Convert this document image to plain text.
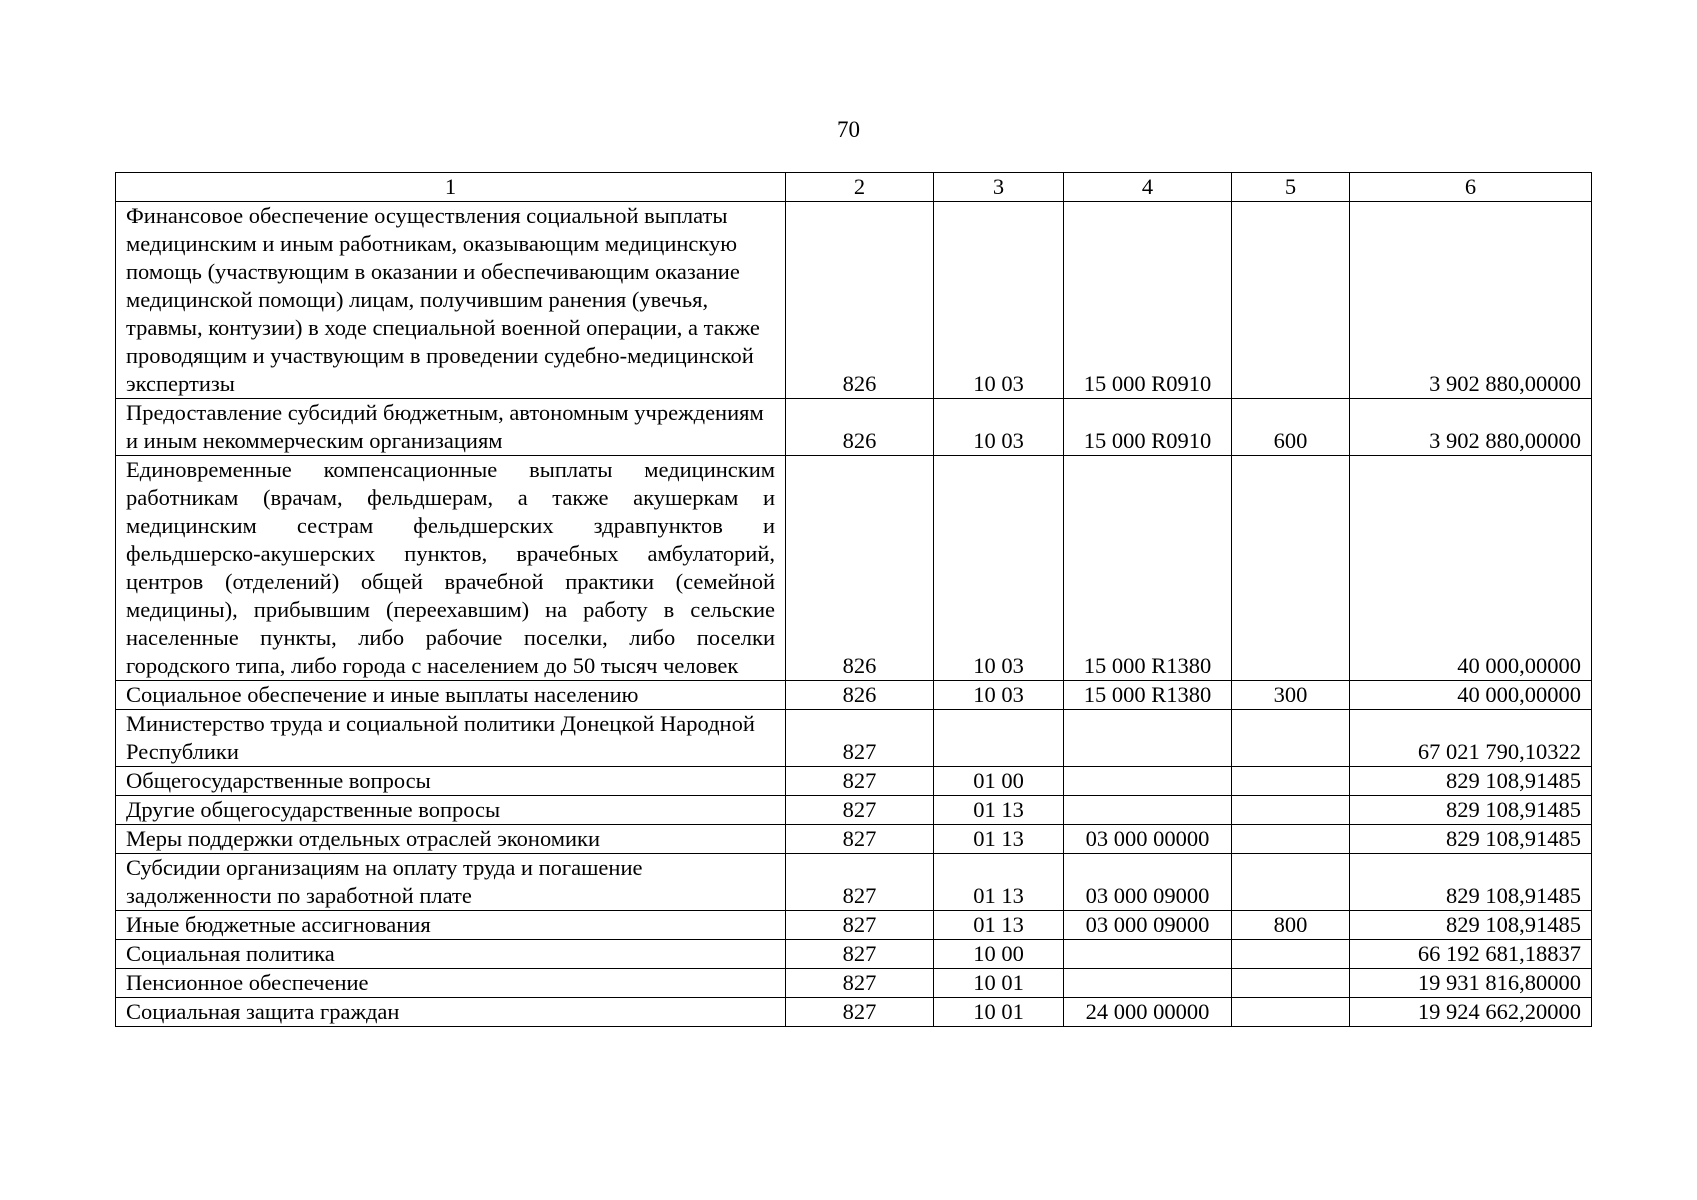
70
1	2	3	4	5	6
Финансовое обеспечение осуществления социальной выплаты медицинским и иным работникам, оказывающим медицинскую помощь (участвующим в оказании и обеспечивающим оказание медицинской помощи) лицам, получившим ранения (увечья, травмы, контузии) в ходе специальной военной операции, а также проводящим и участвующим в проведении судебно-медицинской экспертизы	826	10 03	15 000 R0910		3 902 880,00000
Предоставление субсидий бюджетным, автономным учреждениям и иным некоммерческим организациям	826	10 03	15 000 R0910	600	3 902 880,00000
Единовременные компенсационные выплаты медицинским работникам (врачам, фельдшерам, а также акушеркам и медицинским сестрам фельдшерских здравпунктов и фельдшерско-акушерских пунктов, врачебных амбулаторий, центров (отделений) общей врачебной практики (семейной медицины), прибывшим (переехавшим) на работу в сельские населенные пункты, либо рабочие поселки, либо поселки городского типа, либо города с населением до 50 тысяч человек	826	10 03	15 000 R1380		40 000,00000
Социальное обеспечение и иные выплаты населению	826	10 03	15 000 R1380	300	40 000,00000
Министерство труда и социальной политики Донецкой Народной Республики	827				67 021 790,10322
Общегосударственные вопросы	827	01 00			829 108,91485
Другие общегосударственные вопросы	827	01 13			829 108,91485
Меры поддержки отдельных отраслей экономики	827	01 13	03 000 00000		829 108,91485
Субсидии организациям на оплату труда и погашение задолженности по заработной плате	827	01 13	03 000 09000		829 108,91485
Иные бюджетные ассигнования	827	01 13	03 000 09000	800	829 108,91485
Социальная политика	827	10 00			66 192 681,18837
Пенсионное обеспечение	827	10 01			19 931 816,80000
Социальная защита граждан	827	10 01	24 000 00000		19 924 662,20000
